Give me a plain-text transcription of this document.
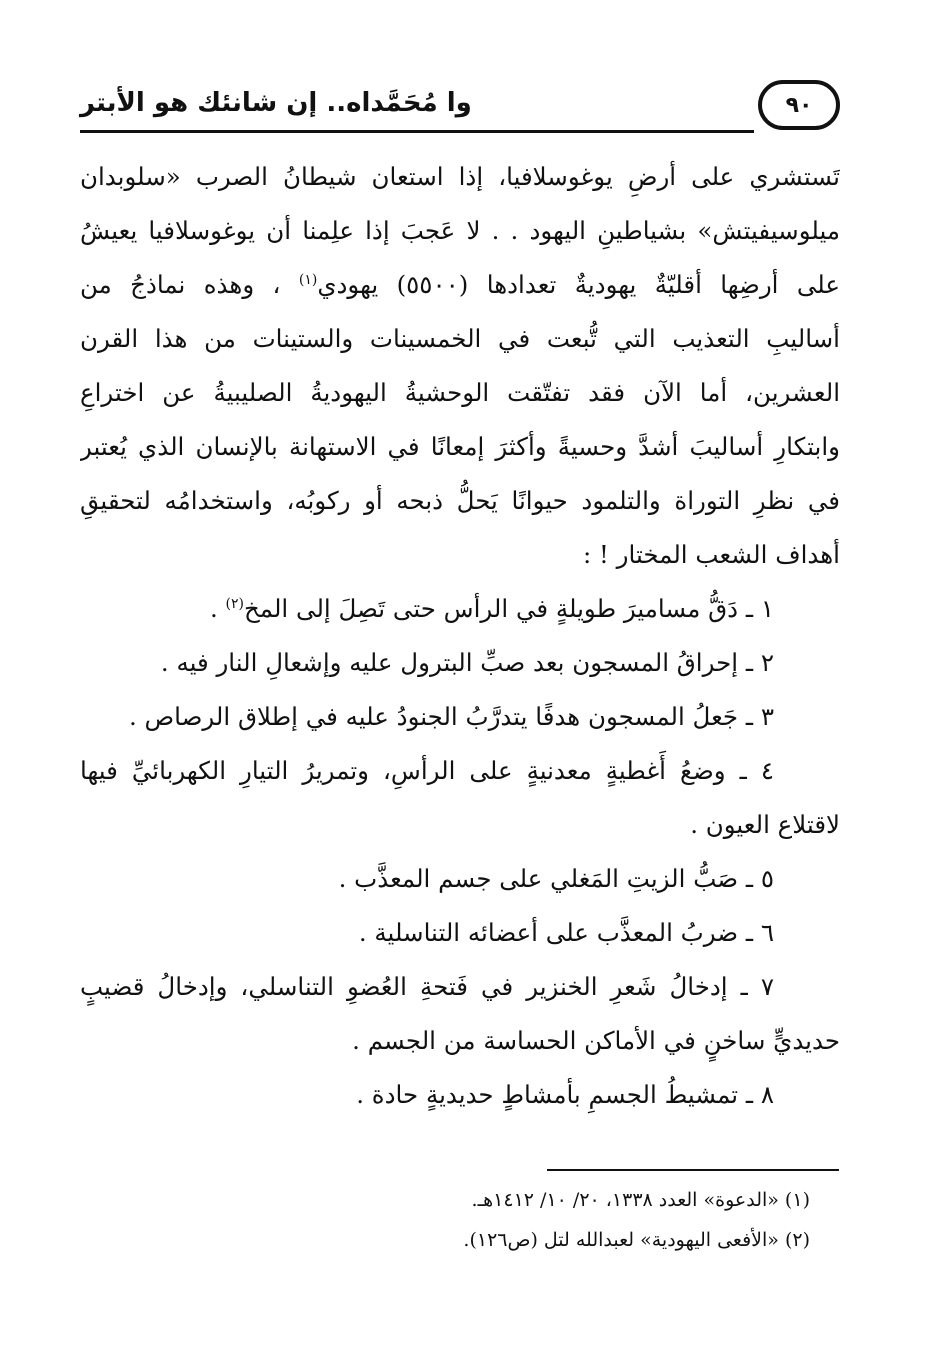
وا مُحَمَّداه.. إن شانئك هو الأبتر	٩٠
تَستشري على أرضِ يوغوسلافيا، إذا استعان شيطانُ الصرب «سلوبدان
ميلوسيفيتش» بشياطينِ اليهود . . لا عَجبَ إذا علِمنا أن يوغوسلافيا يعيشُ
على أرضِها أقليّةٌ يهوديةٌ تعدادها (٥٥٠٠) يهودي$^{(١)}$ ، وهذه نماذجُ من
أساليبِ التعذيب التي تُّبعت في الخمسينات والستينات من هذا القرن
العشرين، أما الآن فقد تفتّقت الوحشيةُ اليهوديةُ الصليبيةُ عن اختراعِ
وابتكارِ أساليبَ أشدَّ وحسيةً وأكثرَ إمعانًا في الاستهانة بالإنسان الذي يُعتبر
في نظرِ التوراة والتلمود حيوانًا يَحلُّ ذبحه أو ركوبُه، واستخدامُه لتحقيقِ
أهداف الشعب المختار ! :
١ ـ دَقُّ مساميرَ طويلةٍ في الرأس حتى تَصِلَ إلى المخ$^{(٢)}$ .
٢ ـ إحراقُ المسجون بعد صبِّ البترول عليه وإشعالِ النار فيه .
٣ ـ جَعلُ المسجون هدفًا يتدرَّبُ الجنودُ عليه في إطلاق الرصاص .
٤ ـ وضعُ أَغطيةٍ معدنيةٍ على الرأسِ، وتمريرُ التيارِ الكهربائيِّ فيها
لاقتلاع العيون .
٥ ـ صَبُّ الزيتِ المَغلي على جسم المعذَّب .
٦ ـ ضربُ المعذَّب على أعضائه التناسلية .
٧ ـ إدخالُ شَعرِ الخنزير في فَتحةِ العُضوِ التناسلي، وإدخالُ قضيبٍ
حديديٍّ ساخنٍ في الأماكن الحساسة من الجسم .
٨ ـ تمشيطُ الجسمِ بأمشاطٍ حديديةٍ حادة .
(١) «الدعوة» العدد ١٣٣٨، ٢٠/ ١٠/ ١٤١٢هـ.
(٢) «الأفعى اليهودية» لعبدالله لتل (ص١٢٦).
